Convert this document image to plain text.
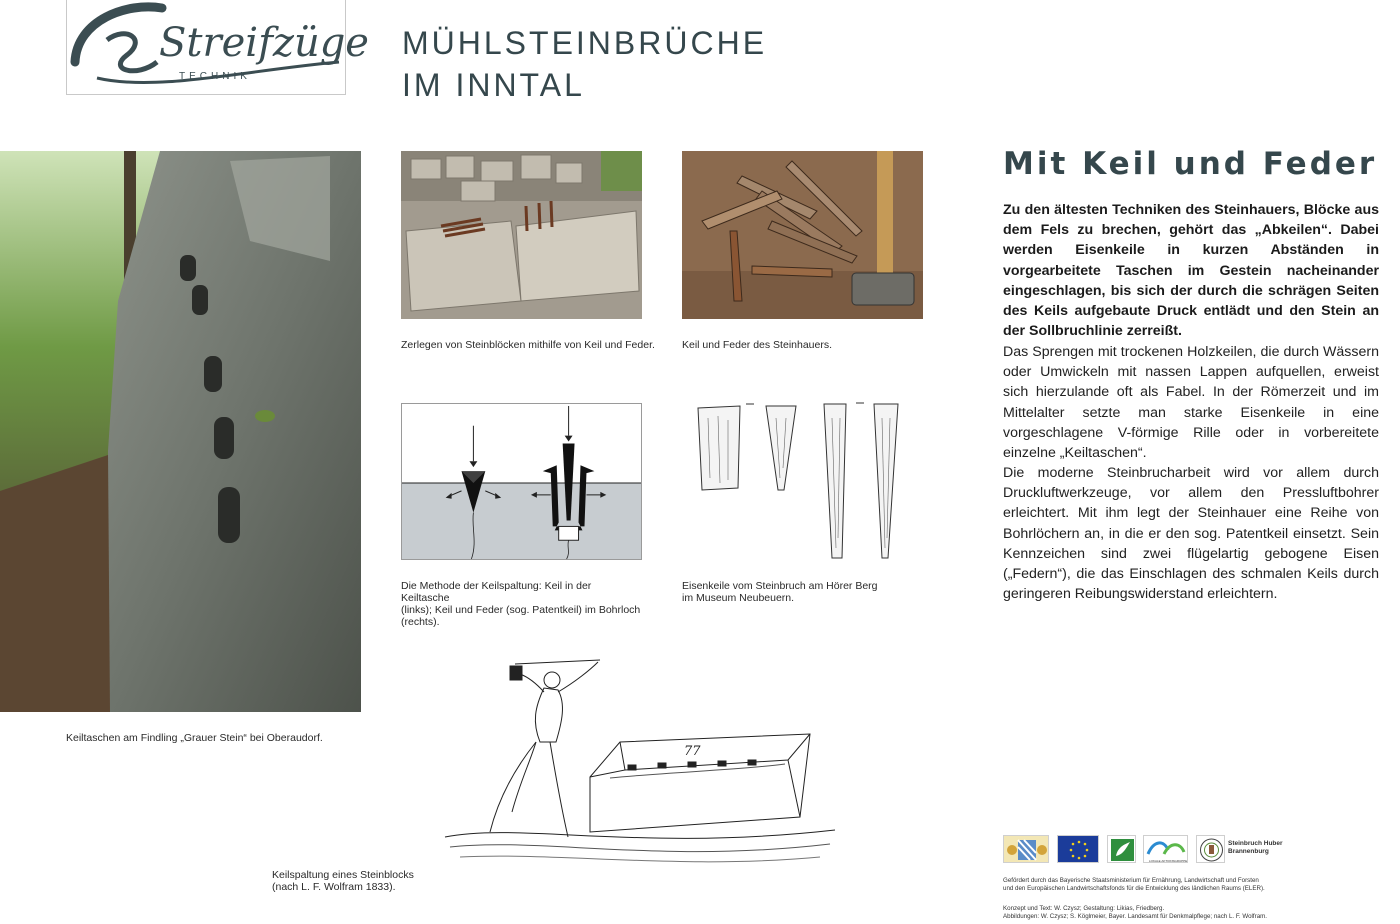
Streifzüge
TECHNIK
MÜHLSTEINBRÜCHE
IM INNTAL
Keiltaschen am Findling „Grauer Stein“ bei Oberaudorf.
Zerlegen von Steinblöcken mithilfe von Keil und Feder.	Keil und Feder des Steinhauers.
Die Methode der Keilspaltung: Keil in der Keiltasche
(links); Keil und Feder (sog. Patentkeil) im Bohrloch
(rechts).
Eisenkeile vom Steinbruch am Hörer Berg
im Museum Neubeuern.
77
Keilspaltung eines Steinblocks
(nach L. F. Wolfram 1833).
Mit Keil und Feder
Zu den ältesten Techniken des Steinhauers, Blöcke aus dem Fels zu brechen, gehört das „Abkeilen“. Dabei werden Eisenkeile in kurzen Abständen in vorgearbeitete Taschen im Gestein nacheinander eingeschlagen, bis sich der durch die schrägen Seiten des Keils aufgebaute Druck entlädt und den Stein an der Sollbruchlinie zerreißt.
Das Sprengen mit trockenen Holzkeilen, die durch Wässern oder Umwickeln mit nassen Lappen aufquellen, erweist sich hierzulande oft als Fabel. In der Römerzeit und im Mittelalter setzte man starke Eisenkeile in eine vorgeschlagene V-förmige Rille oder in vorbereitete einzelne „Keiltaschen“.
Die moderne Steinbrucharbeit wird vor allem durch Druckluftwerkzeuge, vor allem den Pressluftbohrer erleichtert. Mit ihm legt der Steinhauer eine Reihe von Bohrlöchern an, in die er den sog. Patentkeil einsetzt. Sein Kennzeichen sind zwei flügelartig gebogene Eisen („Federn“), die das Einschlagen des schmalen Keils durch geringeren Reibungswiderstand erleichtern.
LOKALE AKTIONSGRUPPE
Steinbruch Huber
Brannenburg
Gefördert durch das Bayerische Staatsministerium für Ernährung, Landwirtschaft und Forsten
und den Europäischen Landwirtschaftsfonds für die Entwicklung des ländlichen Raums (ELER).
Konzept und Text: W. Czysz; Gestaltung: Likias, Friedberg.
Abbildungen: W. Czysz; S. Köglmeier, Bayer. Landesamt für Denkmalpflege; nach L. F. Wolfram.
